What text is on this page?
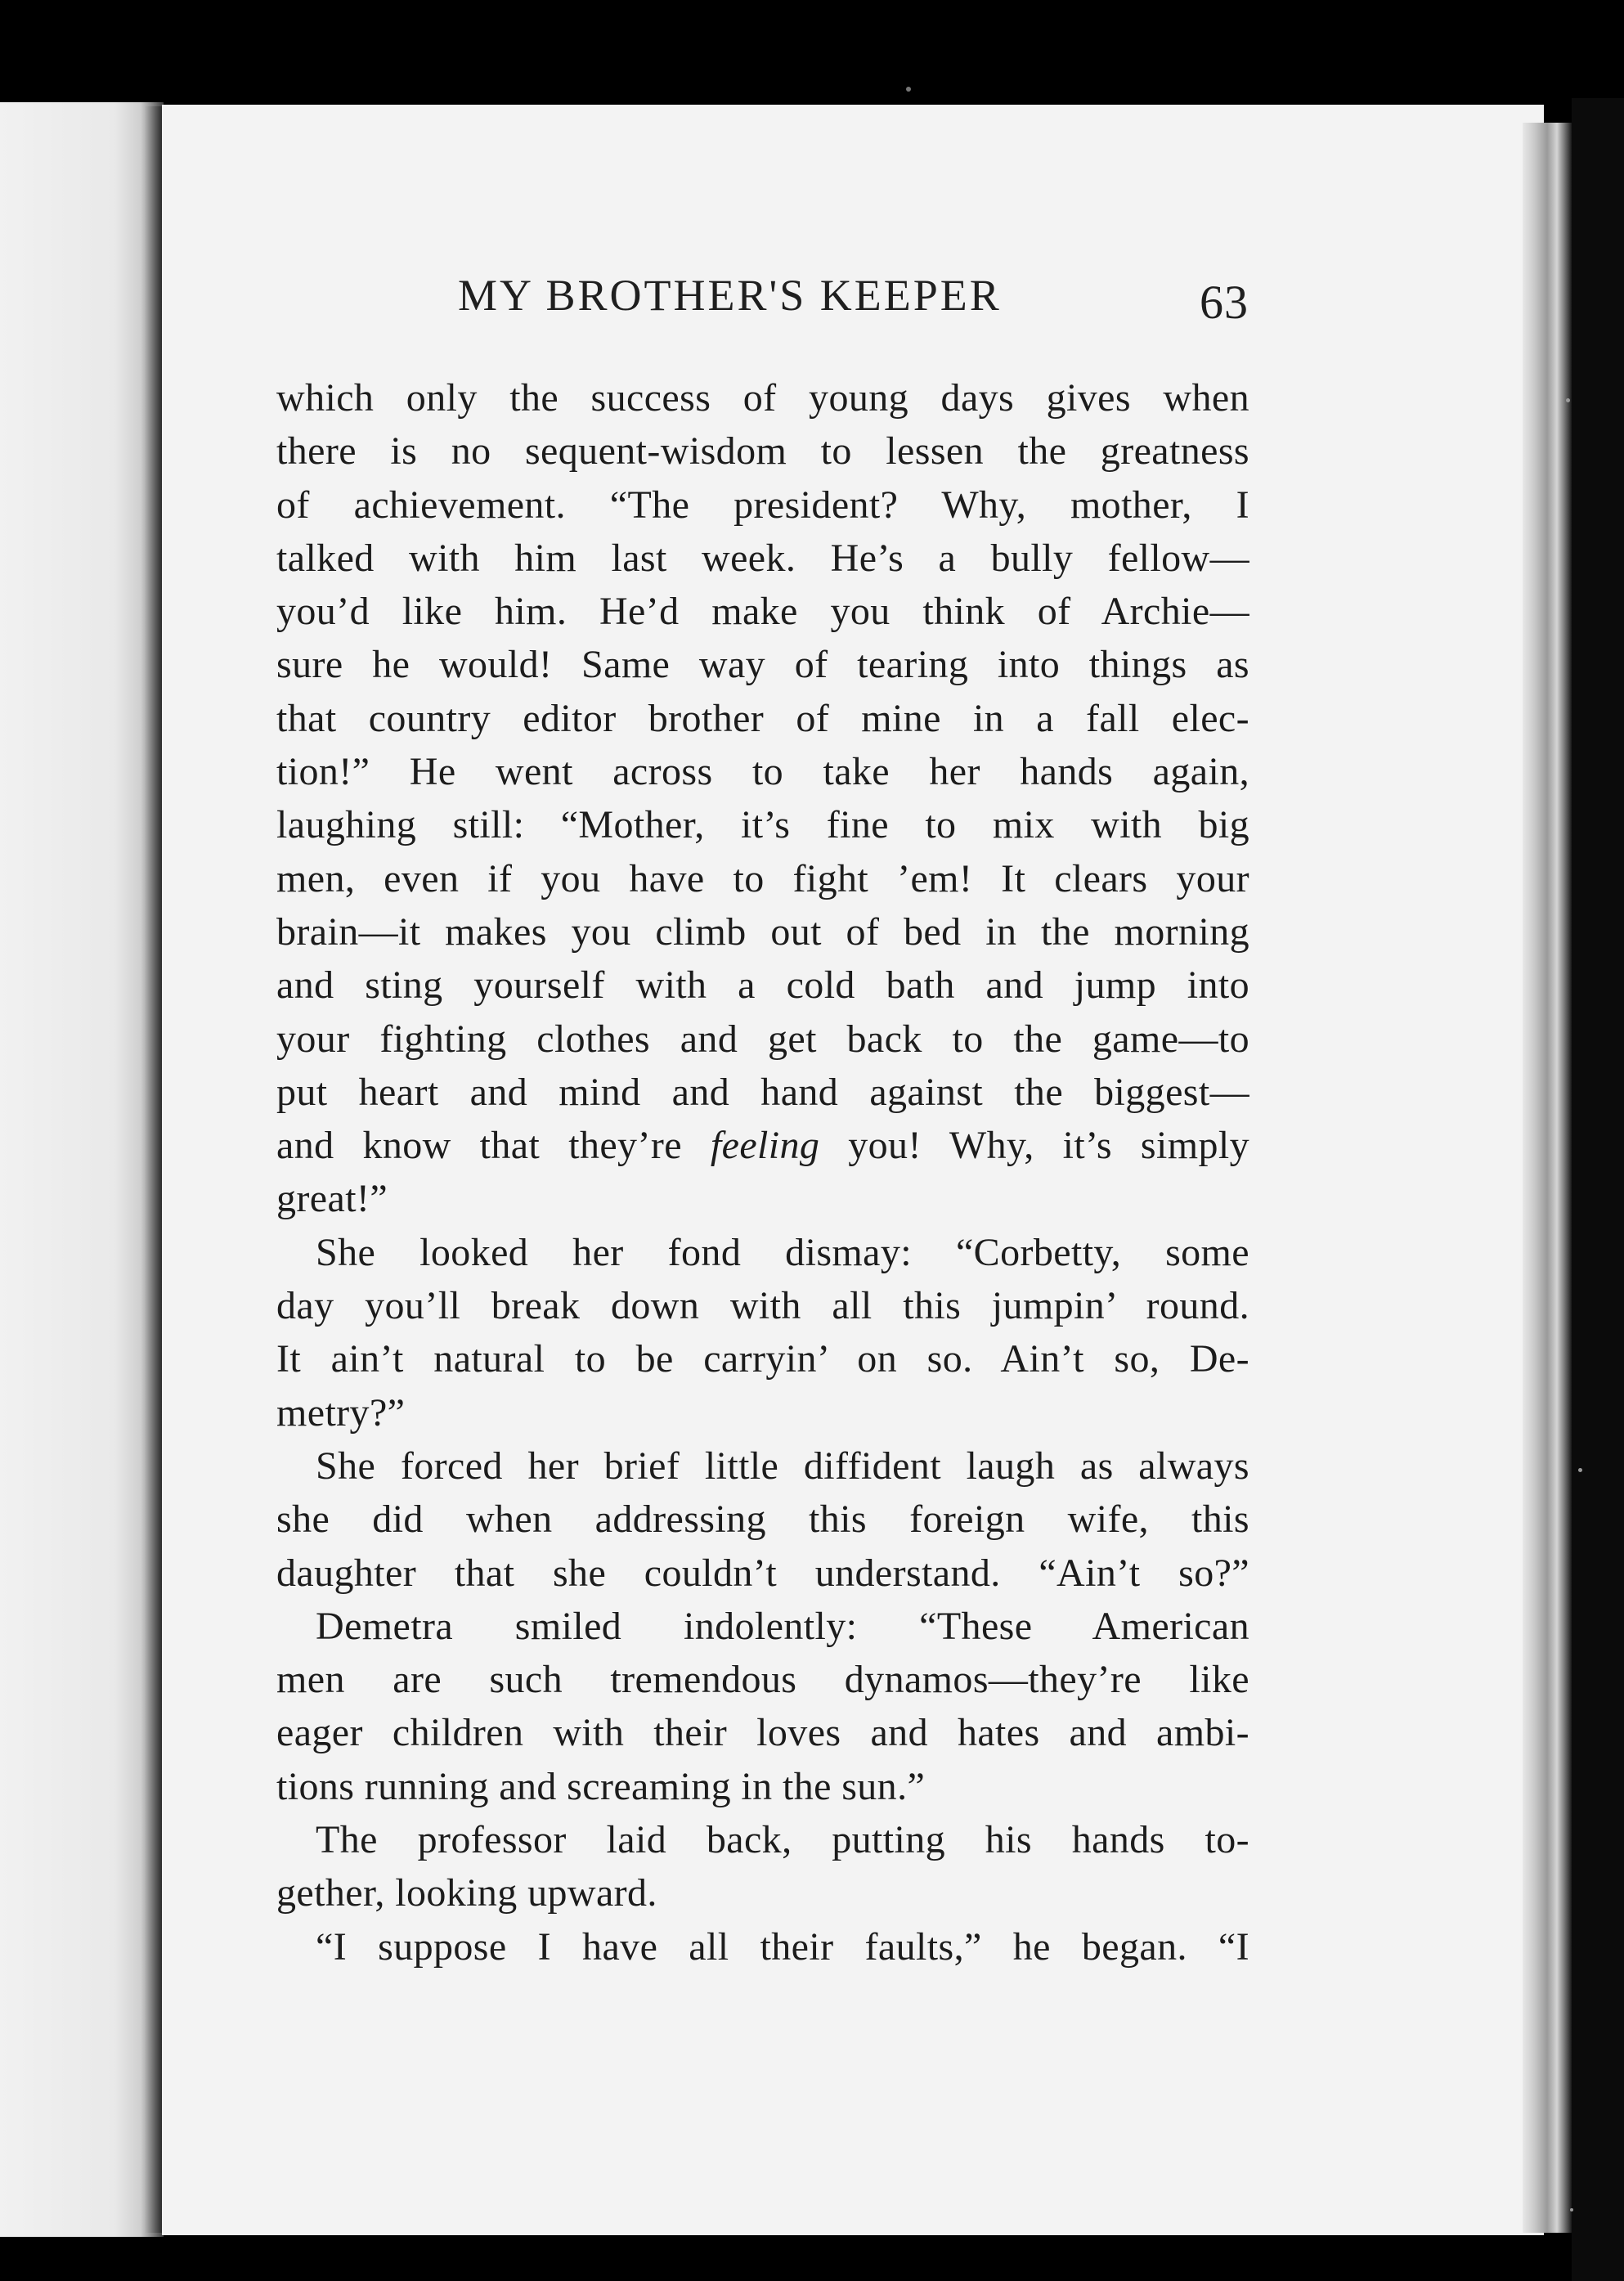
MY BROTHER'S KEEPER	63
which only the success of young days gives when
there is no sequent-wisdom to lessen the greatness
of achievement. “The president? Why, mother, I
talked with him last week. He’s a bully fellow—
you’d like him. He’d make you think of Archie—
sure he would! Same way of tearing into things as
that country editor brother of mine in a fall elec-
tion!” He went across to take her hands again,
laughing still: “Mother, it’s fine to mix with big
men, even if you have to fight ’em! It clears your
brain—it makes you climb out of bed in the morning
and sting yourself with a cold bath and jump into
your fighting clothes and get back to the game—to
put heart and mind and hand against the biggest—
and know that they’re feeling you! Why, it’s simply
great!”
She looked her fond dismay: “Corbetty, some
day you’ll break down with all this jumpin’ round.
It ain’t natural to be carryin’ on so. Ain’t so, De-
metry?”
She forced her brief little diffident laugh as always
she did when addressing this foreign wife, this
daughter that she couldn’t understand. “Ain’t so?”
Demetra smiled indolently: “These American
men are such tremendous dynamos—they’re like
eager children with their loves and hates and ambi-
tions running and screaming in the sun.”
The professor laid back, putting his hands to-
gether, looking upward.
“I suppose I have all their faults,” he began. “I
